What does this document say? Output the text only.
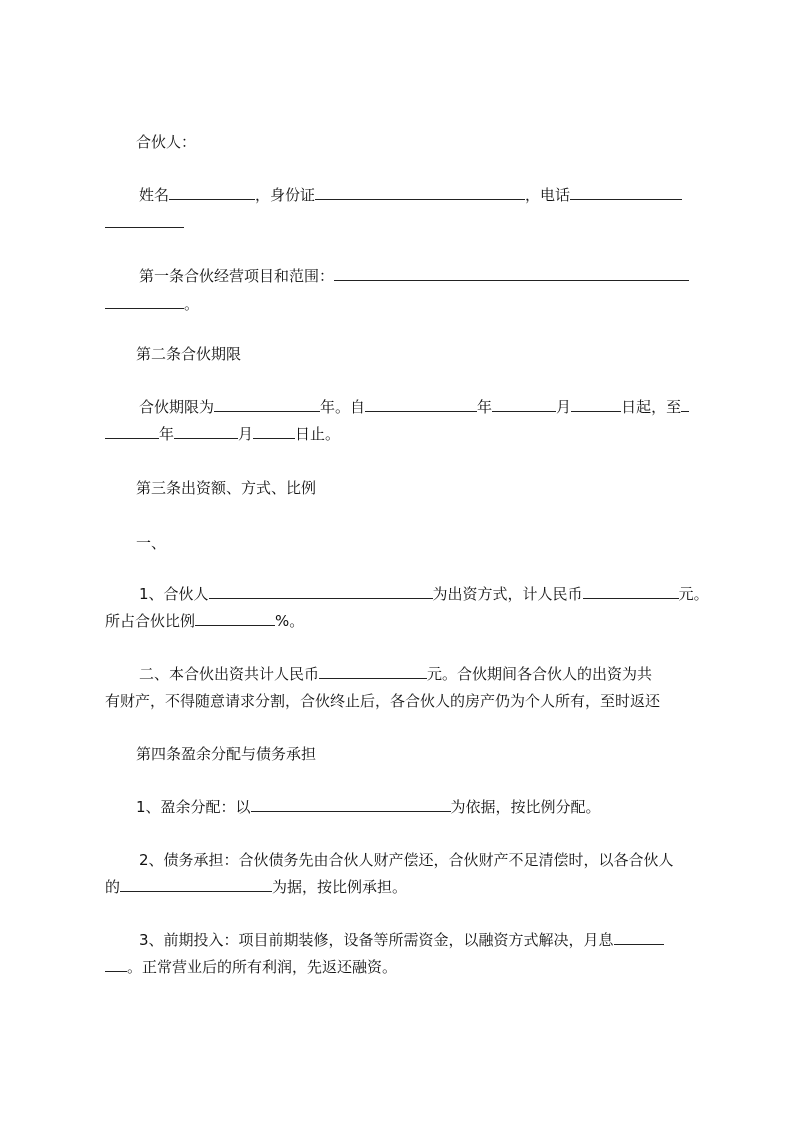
合伙人：
姓名	，身份证	，电话
第一条合伙经营项目和范围：
。
第二条合伙期限
合伙期限为	年。自	年	月	日起，至
年	月	日止。
第三条出资额、方式、比例
一、
1、合伙人	为出资方式，计人民币	元。
所占合伙比例	%。
二、本合伙出资共计人民币	元。合伙期间各合伙人的出资为共
有财产，不得随意请求分割，合伙终止后，各合伙人的房产仍为个人所有，至时返还
第四条盈余分配与债务承担
1、盈余分配：以	为依据，按比例分配。
2、债务承担：合伙债务先由合伙人财产偿还，合伙财产不足清偿时，以各合伙人
的	为据，按比例承担。
3、前期投入：项目前期装修，设备等所需资金，以融资方式解决，月息
。正常营业后的所有利润，先返还融资。
